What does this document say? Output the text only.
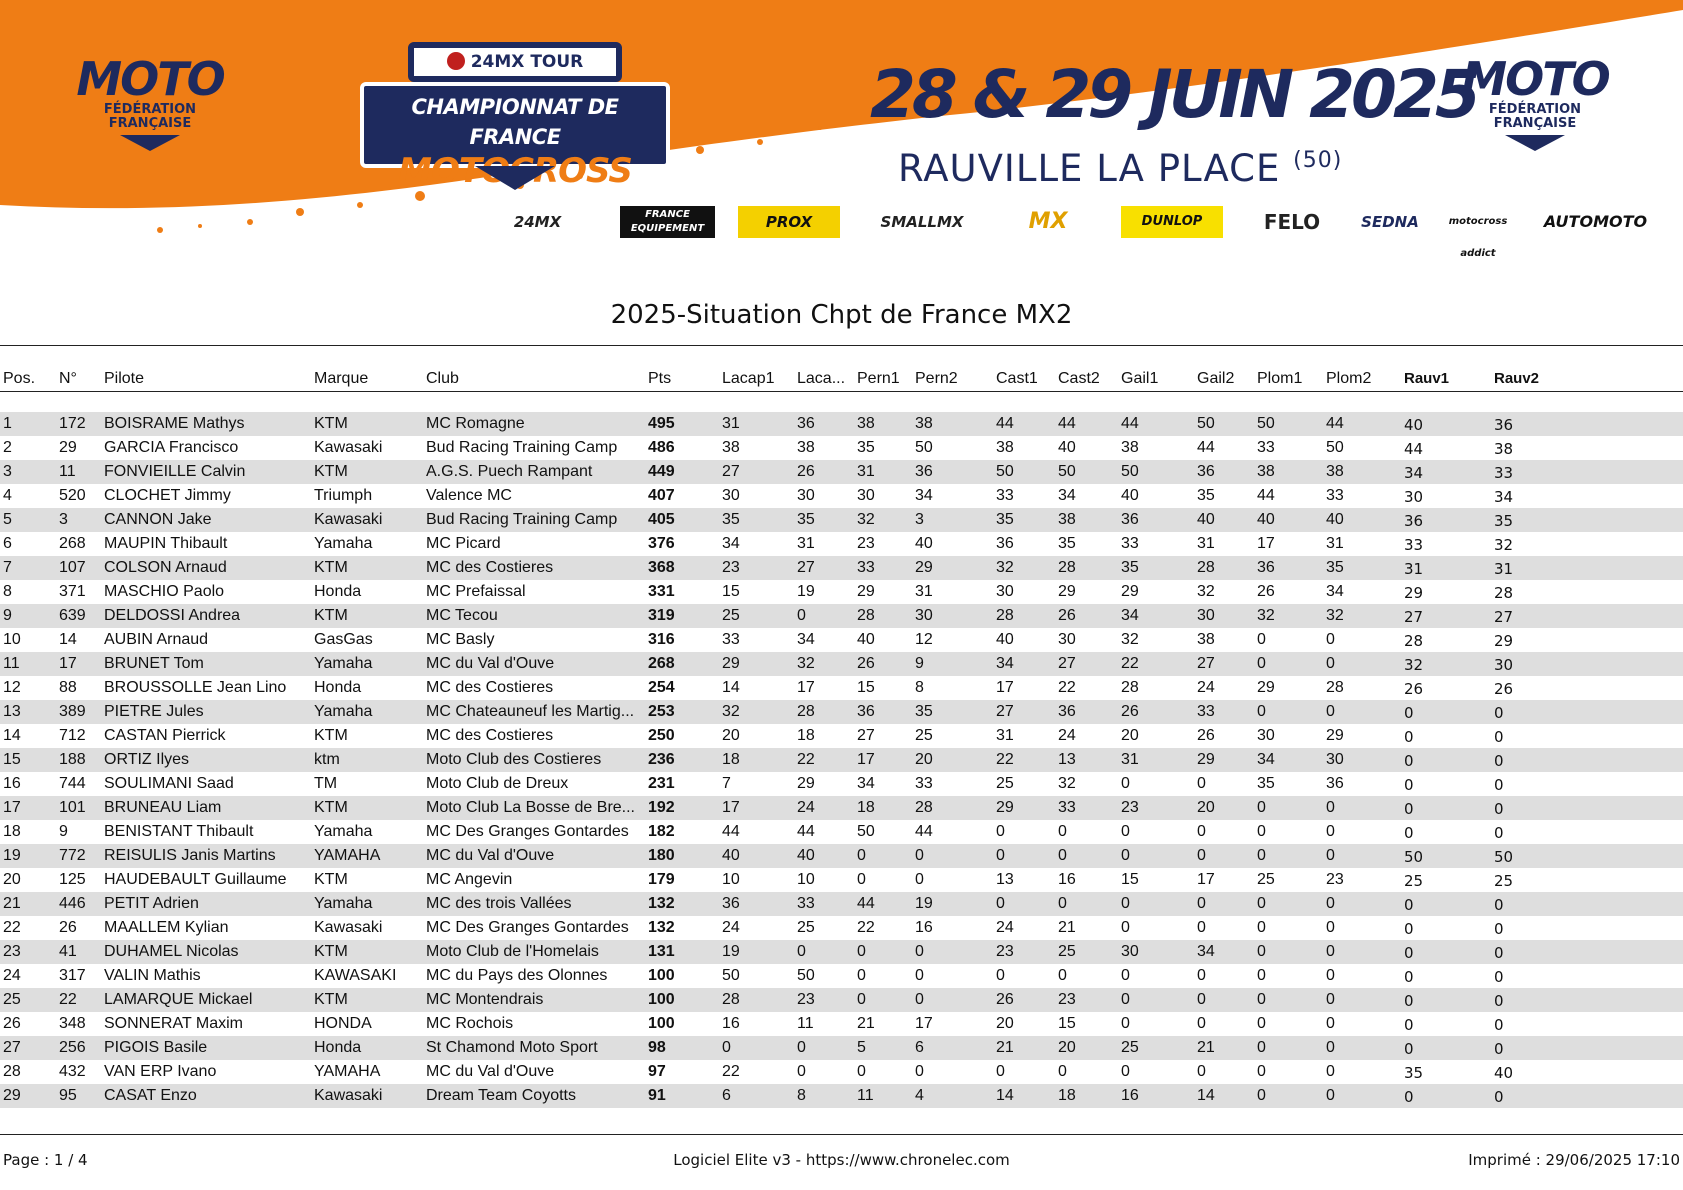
MOTO
FÉDÉRATION
FRANÇAISE
24MX TOUR
CHAMPIONNAT DE FRANCE
MOTOCROSS
28 & 29 JUIN 2025
RAUVILLE LA PLACE $^{(50)}$
MOTO
FÉDÉRATION
FRANÇAISE
24MX	FRANCE EQUIPEMENT	PROX	SMALLMX	MX	DUNLOP	FELO	SEDNA	motocross addict
AUTOMOTO
2025-Situation Chpt de France MX2
Pos. N° Pilote	Marque	Club	Pts	Lacap1 Laca... Pern1 Pern2 Cast1 Cast2 Gail1 Gail2 Plom1 Plom2 Rauv1	Rauv2
1	172	BOISRAME Mathys	KTM	MC Romagne	495	31	36	38	38	44	44	44	50	50	44	40	36
2	29	GARCIA Francisco	Kawasaki	Bud Racing Training Camp	486	38	38	35	50	38	40	38	44	33	50	44	38
3	11	FONVIEILLE Calvin	KTM	A.G.S. Puech Rampant	449	27	26	31	36	50	50	50	36	38	38	34	33
4	520	CLOCHET Jimmy	Triumph	Valence MC	407	30	30	30	34	33	34	40	35	44	33	30	34
5	3	CANNON Jake	Kawasaki	Bud Racing Training Camp	405	35	35	32	3	35	38	36	40	40	40	36	35
6	268	MAUPIN Thibault	Yamaha	MC Picard	376	34	31	23	40	36	35	33	31	17	31	33	32
7	107	COLSON Arnaud	KTM	MC des Costieres	368	23	27	33	29	32	28	35	28	36	35	31	31
8	371	MASCHIO Paolo	Honda	MC Prefaissal	331	15	19	29	31	30	29	29	32	26	34	29	28
9	639	DELDOSSI Andrea	KTM	MC Tecou	319	25	0	28	30	28	26	34	30	32	32	27	27
10	14	AUBIN Arnaud	GasGas	MC Basly	316	33	34	40	12	40	30	32	38	0	0	28	29
11	17	BRUNET Tom	Yamaha	MC du Val d'Ouve	268	29	32	26	9	34	27	22	27	0	0	32	30
12	88	BROUSSOLLE Jean Lino	Honda	MC des Costieres	254	14	17	15	8	17	22	28	24	29	28	26	26
13	389	PIETRE Jules	Yamaha	MC Chateauneuf les Martig... 253	32	28	36	35	27	36	26	33	0	0	0	0
14	712	CASTAN Pierrick	KTM	MC des Costieres	250	20	18	27	25	31	24	20	26	30	29	0	0
15	188	ORTIZ Ilyes	ktm	Moto Club des Costieres	236	18	22	17	20	22	13	31	29	34	30	0	0
16	744	SOULIMANI Saad	TM	Moto Club de Dreux	231	7	29	34	33	25	32	0	0	35	36	0	0
17	101	BRUNEAU Liam	KTM	Moto Club La Bosse de Bre... 192	17	24	18	28	29	33	23	20	0	0	0	0
18	9	BENISTANT Thibault	Yamaha	MC Des Granges Gontardes	182	44	44	50	44	0	0	0	0	0	0	0	0
19	772	REISULIS Janis Martins	YAMAHA	MC du Val d'Ouve	180	40	40	0	0	0	0	0	0	0	0	50	50
20	125	HAUDEBAULT Guillaume	KTM	MC Angevin	179	10	10	0	0	13	16	15	17	25	23	25	25
21	446	PETIT Adrien	Yamaha	MC des trois Vallées	132	36	33	44	19	0	0	0	0	0	0	0	0
22	26	MAALLEM Kylian	Kawasaki	MC Des Granges Gontardes	132	24	25	22	16	24	21	0	0	0	0	0	0
23	41	DUHAMEL Nicolas	KTM	Moto Club de l'Homelais	131	19	0	0	0	23	25	30	34	0	0	0	0
24	317	VALIN Mathis	KAWASAKI	MC du Pays des Olonnes	100	50	50	0	0	0	0	0	0	0	0	0	0
25	22	LAMARQUE Mickael	KTM	MC Montendrais	100	28	23	0	0	26	23	0	0	0	0	0	0
26	348	SONNERAT Maxim	HONDA	MC Rochois	100	16	11	21	17	20	15	0	0	0	0	0	0
27	256	PIGOIS Basile	Honda	St Chamond Moto Sport	98	0	0	5	6	21	20	25	21	0	0	0	0
28	432	VAN ERP Ivano	YAMAHA	MC du Val d'Ouve	97	22	0	0	0	0	0	0	0	0	0	35	40
29	95	CASAT Enzo	Kawasaki	Dream Team Coyotts	91	6	8	11	4	14	18	16	14	0	0	0	0
Page : 1 / 4	Logiciel Elite v3 - https://www.chronelec.com	Imprimé : 29/06/2025 17:10
